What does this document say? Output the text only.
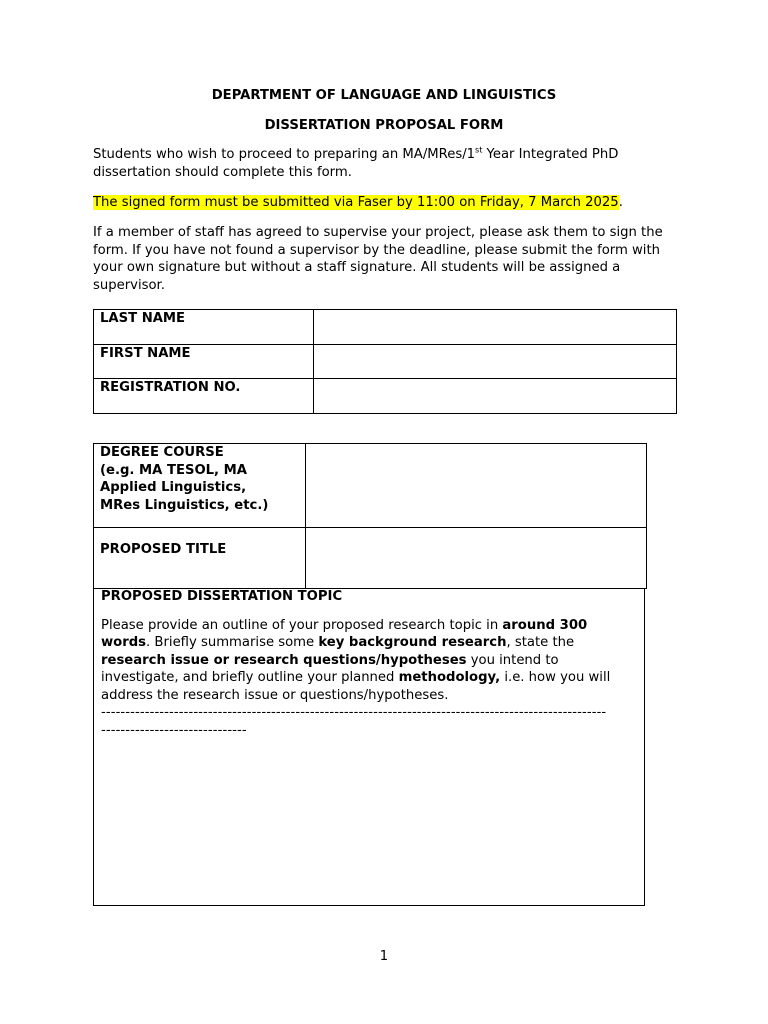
DEPARTMENT OF LANGUAGE AND LINGUISTICS
DISSERTATION PROPOSAL FORM
Students who wish to proceed to preparing an MA/MRes/1st Year Integrated PhD
dissertation should complete this form.
The signed form must be submitted via Faser by 11:00 on Friday, 7 March 2025.
If a member of staff has agreed to supervise your project, please ask them to sign the form. If you have not found a supervisor by the deadline, please submit the form with your own signature but without a staff signature. All students will be assigned a supervisor.
LAST NAME	
FIRST NAME	
REGISTRATION NO.	
DEGREE COURSE
(e.g. MA TESOL, MA Applied Linguistics, MRes Linguistics, etc.)	

PROPOSED TITLE	
PROPOSED DISSERTATION TOPIC
Please provide an outline of your proposed research topic in around 300 words. Briefly summarise some key background research, state the research issue or research questions/hypotheses you intend to investigate, and briefly outline your planned methodology, i.e. how you will address the research issue or questions/hypotheses.
--------------------------------------------------------------------------------------------------------
------------------------------
1
